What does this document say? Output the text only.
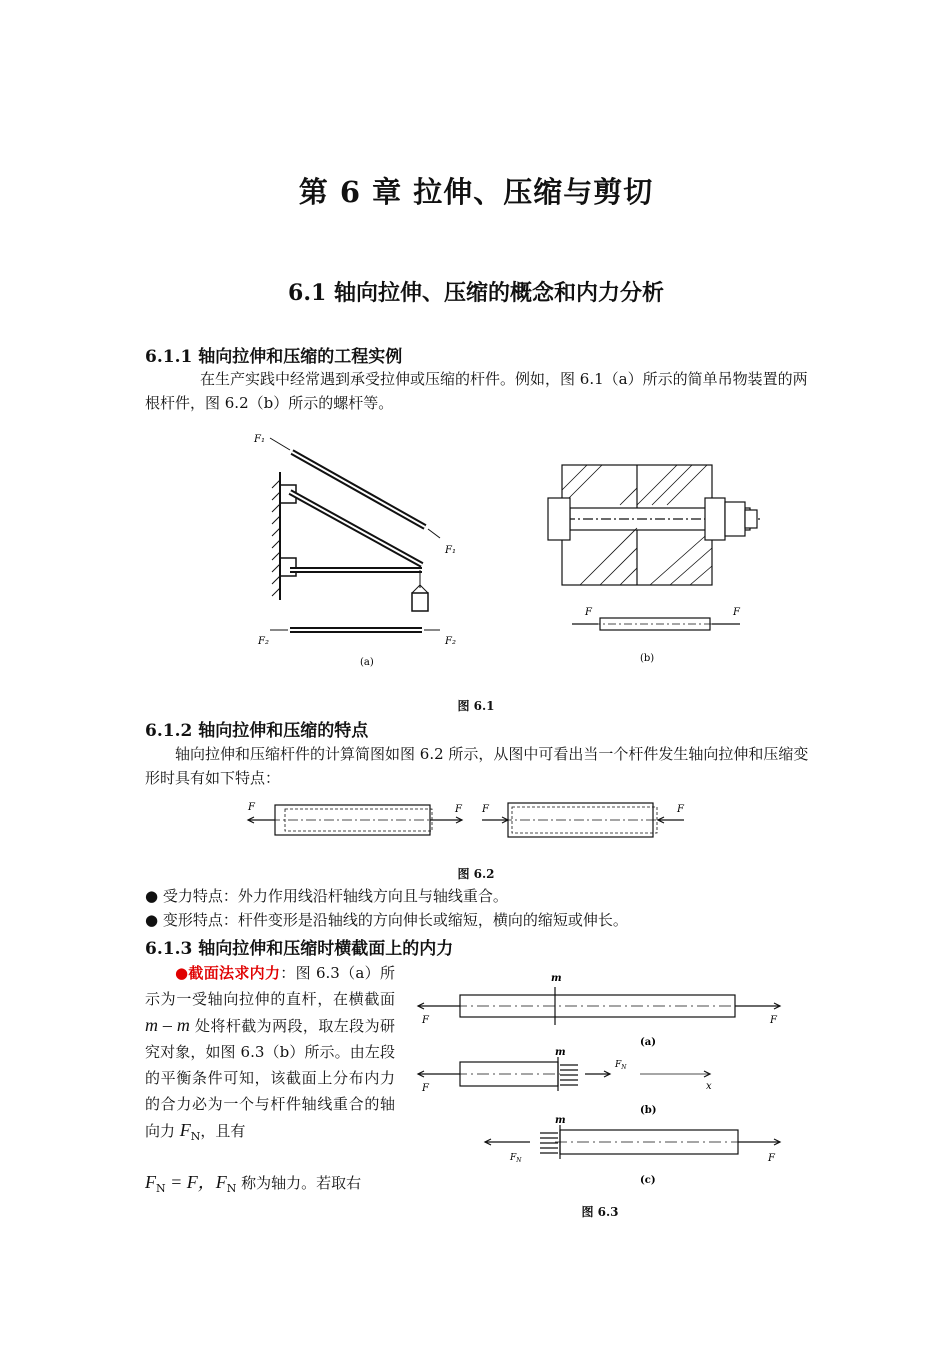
第 6 章 拉伸、压缩与剪切
6.1 轴向拉伸、压缩的概念和内力分析
6.1.1 轴向拉伸和压缩的工程实例
在生产实践中经常遇到承受拉伸或压缩的杆件。例如，图 6.1（a）所示的简单吊物装置的两根杆件，图 6.2（b）所示的螺杆等。
F₁
F₁
F₂	F₂
(a)
F	F
(b)
图 6.1
6.1.2 轴向拉伸和压缩的特点
轴向拉伸和压缩杆件的计算简图如图 6.2 所示，从图中可看出当一个杆件发生轴向拉伸和压缩变形时具有如下特点：
F	F F	F
图 6.2
● 受力特点：外力作用线沿杆轴线方向且与轴线重合。
● 变形特点：杆件变形是沿轴线的方向伸长或缩短，横向的缩短或伸长。
6.1.3 轴向拉伸和压缩时横截面上的内力
●截面法求内力：图 6.3（a）所示为一受轴向拉伸的直杆，在横截面 m – m 处将杆截为两段，取左段为研究对象，如图 6.3（b）所示。由左段的平衡条件可知，该截面上分布内力的合力必为一个与杆件轴线重合的轴向力 $F_N$，且有
$F_N = F$，$F_N$ 称为轴力。若取右
m
F	F
(a)
m
F
$F_N$
x
(b)
m
$F_N$	F
(c)
图 6.3
